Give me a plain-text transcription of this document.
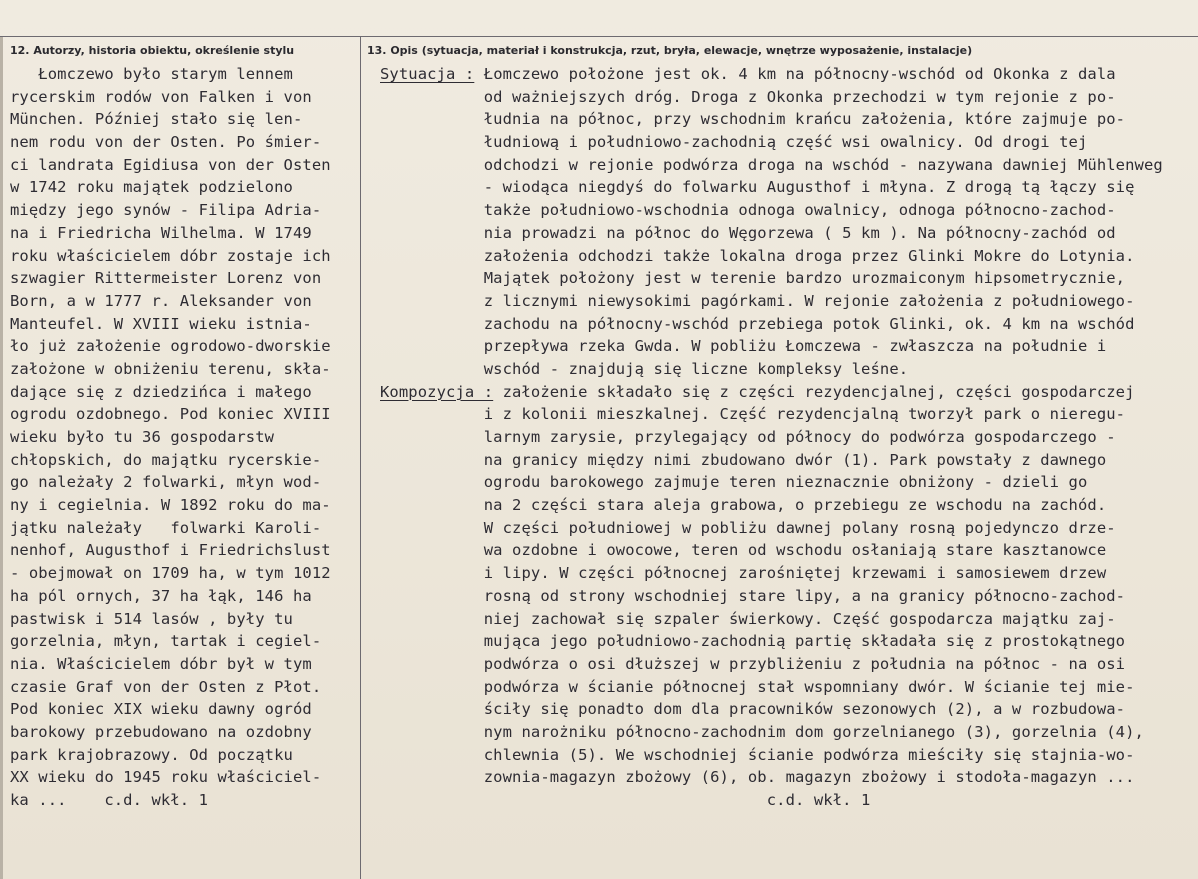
12. Autorzy, historia obiektu, określenie stylu	13. Opis (sytuacja, materiał i konstrukcja, rzut, bryła, elewacje, wnętrze wyposażenie, instalacje)
Łomczewo było starym lennem
rycerskim rodów von Falken i von
München. Później stało się len-
nem rodu von der Osten. Po śmier-
ci landrata Egidiusa von der Osten
w 1742 roku majątek podzielono
między jego synów - Filipa Adria-
na i Friedricha Wilhelma. W 1749
roku właścicielem dóbr zostaje ich
szwagier Rittermeister Lorenz von
Born, a w 1777 r. Aleksander von
Manteufel. W XVIII wieku istnia-
ło już założenie ogrodowo-dworskie
założone w obniżeniu terenu, skła-
dające się z dziedzińca i małego
ogrodu ozdobnego. Pod koniec XVIII
wieku było tu 36 gospodarstw
chłopskich, do majątku rycerskie-
go należały 2 folwarki, młyn wod-
ny i cegielnia. W 1892 roku do ma-
jątku należały   folwarki Karoli-
nenhof, Augusthof i Friedrichslust
- obejmował on 1709 ha, w tym 1012
ha pól ornych, 37 ha łąk, 146 ha
pastwisk i 514 lasów , były tu
gorzelnia, młyn, tartak i cegiel-
nia. Właścicielem dóbr był w tym
czasie Graf von der Osten z Płot.
Pod koniec XIX wieku dawny ogród
barokowy przebudowano na ozdobny
park krajobrazowy. Od początku
XX wieku do 1945 roku właściciel-
ka ...    c.d. wkł. 1
Sytuacja : Łomczewo położone jest ok. 4 km na północny-wschód od Okonka z dala
od ważniejszych dróg. Droga z Okonka przechodzi w tym rejonie z po-
łudnia na północ, przy wschodnim krańcu założenia, które zajmuje po-
łudniową i południowo-zachodnią część wsi owalnicy. Od drogi tej
odchodzi w rejonie podwórza droga na wschód - nazywana dawniej Mühlenweg
- wiodąca niegdyś do folwarku Augusthof i młyna. Z drogą tą łączy się
także południowo-wschodnia odnoga owalnicy, odnoga północno-zachod-
nia prowadzi na północ do Węgorzewa ( 5 km ). Na północny-zachód od
założenia odchodzi także lokalna droga przez Glinki Mokre do Lotynia.
Majątek położony jest w terenie bardzo urozmaiconym hipsometrycznie,
z licznymi niewysokimi pagórkami. W rejonie założenia z południowego-
zachodu na północny-wschód przebiega potok Glinki, ok. 4 km na wschód
przepływa rzeka Gwda. W pobliżu Łomczewa - zwłaszcza na południe i
wschód - znajdują się liczne kompleksy leśne.
Kompozycja : założenie składało się z części rezydencjalnej, części gospodarczej
i z kolonii mieszkalnej. Część rezydencjalną tworzył park o nieregu-
larnym zarysie, przylegający od północy do podwórza gospodarczego -
na granicy między nimi zbudowano dwór (1). Park powstały z dawnego
ogrodu barokowego zajmuje teren nieznacznie obniżony - dzieli go
na 2 części stara aleja grabowa, o przebiegu ze wschodu na zachód.
W części południowej w pobliżu dawnej polany rosną pojedynczo drze-
wa ozdobne i owocowe, teren od wschodu osłaniają stare kasztanowce
i lipy. W części północnej zarośniętej krzewami i samosiewem drzew
rosną od strony wschodniej stare lipy, a na granicy północno-zachod-
niej zachował się szpaler świerkowy. Część gospodarcza majątku zaj-
mująca jego południowo-zachodnią partię składała się z prostokątnego
podwórza o osi dłuższej w przybliżeniu z południa na północ - na osi
podwórza w ścianie północnej stał wspomniany dwór. W ścianie tej mie-
ściły się ponadto dom dla pracowników sezonowych (2), a w rozbudowa-
nym narożniku północno-zachodnim dom gorzelnianego (3), gorzelnia (4),
chlewnia (5). We wschodniej ścianie podwórza mieściły się stajnia-wo-
zownia-magazyn zbożowy (6), ob. magazyn zbożowy i stodoła-magazyn ...
c.d. wkł. 1
